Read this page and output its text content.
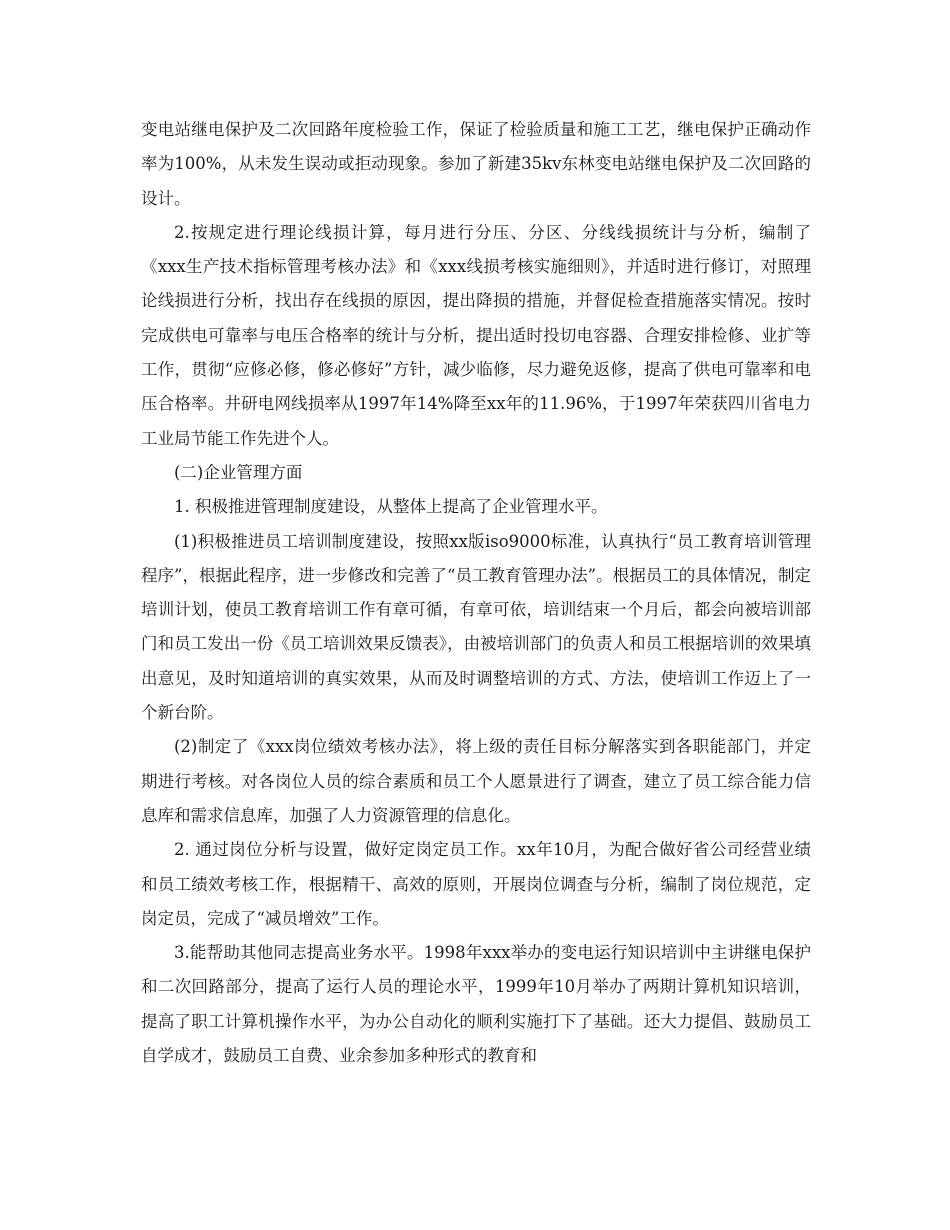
变电站继电保护及二次回路年度检验工作，保证了检验质量和施工工艺，继电保护正确动作率为100%，从未发生误动或拒动现象。参加了新建35kv东林变电站继电保护及二次回路的设计。

2.按规定进行理论线损计算，每月进行分压、分区、分线线损统计与分析，编制了《xxx生产技术指标管理考核办法》和《xxx线损考核实施细则》，并适时进行修订，对照理论线损进行分析，找出存在线损的原因，提出降损的措施，并督促检查措施落实情况。按时完成供电可靠率与电压合格率的统计与分析，提出适时投切电容器、合理安排检修、业扩等工作，贯彻“应修必修，修必修好”方针，减少临修，尽力避免返修，提高了供电可靠率和电压合格率。井研电网线损率从1997年14%降至xx年的11.96%，于1997年荣获四川省电力工业局节能工作先进个人。

(二)企业管理方面

1. 积极推进管理制度建设，从整体上提高了企业管理水平。

(1)积极推进员工培训制度建设，按照xx版iso9000标准，认真执行“员工教育培训管理程序”，根据此程序，进一步修改和完善了“员工教育管理办法”。根据员工的具体情况，制定培训计划，使员工教育培训工作有章可循，有章可依，培训结束一个月后，都会向被培训部门和员工发出一份《员工培训效果反馈表》，由被培训部门的负责人和员工根据培训的效果填出意见，及时知道培训的真实效果，从而及时调整培训的方式、方法，使培训工作迈上了一个新台阶。

(2)制定了《xxx岗位绩效考核办法》，将上级的责任目标分解落实到各职能部门，并定期进行考核。对各岗位人员的综合素质和员工个人愿景进行了调查，建立了员工综合能力信息库和需求信息库，加强了人力资源管理的信息化。

2. 通过岗位分析与设置，做好定岗定员工作。xx年10月，为配合做好省公司经营业绩和员工绩效考核工作，根据精干、高效的原则，开展岗位调查与分析，编制了岗位规范，定岗定员，完成了“减员增效”工作。

3.能帮助其他同志提高业务水平。1998年xxx举办的变电运行知识培训中主讲继电保护和二次回路部分，提高了运行人员的理论水平，1999年10月举办了两期计算机知识培训，提高了职工计算机操作水平，为办公自动化的顺利实施打下了基础。还大力提倡、鼓励员工自学成才，鼓励员工自费、业余参加多种形式的教育和
